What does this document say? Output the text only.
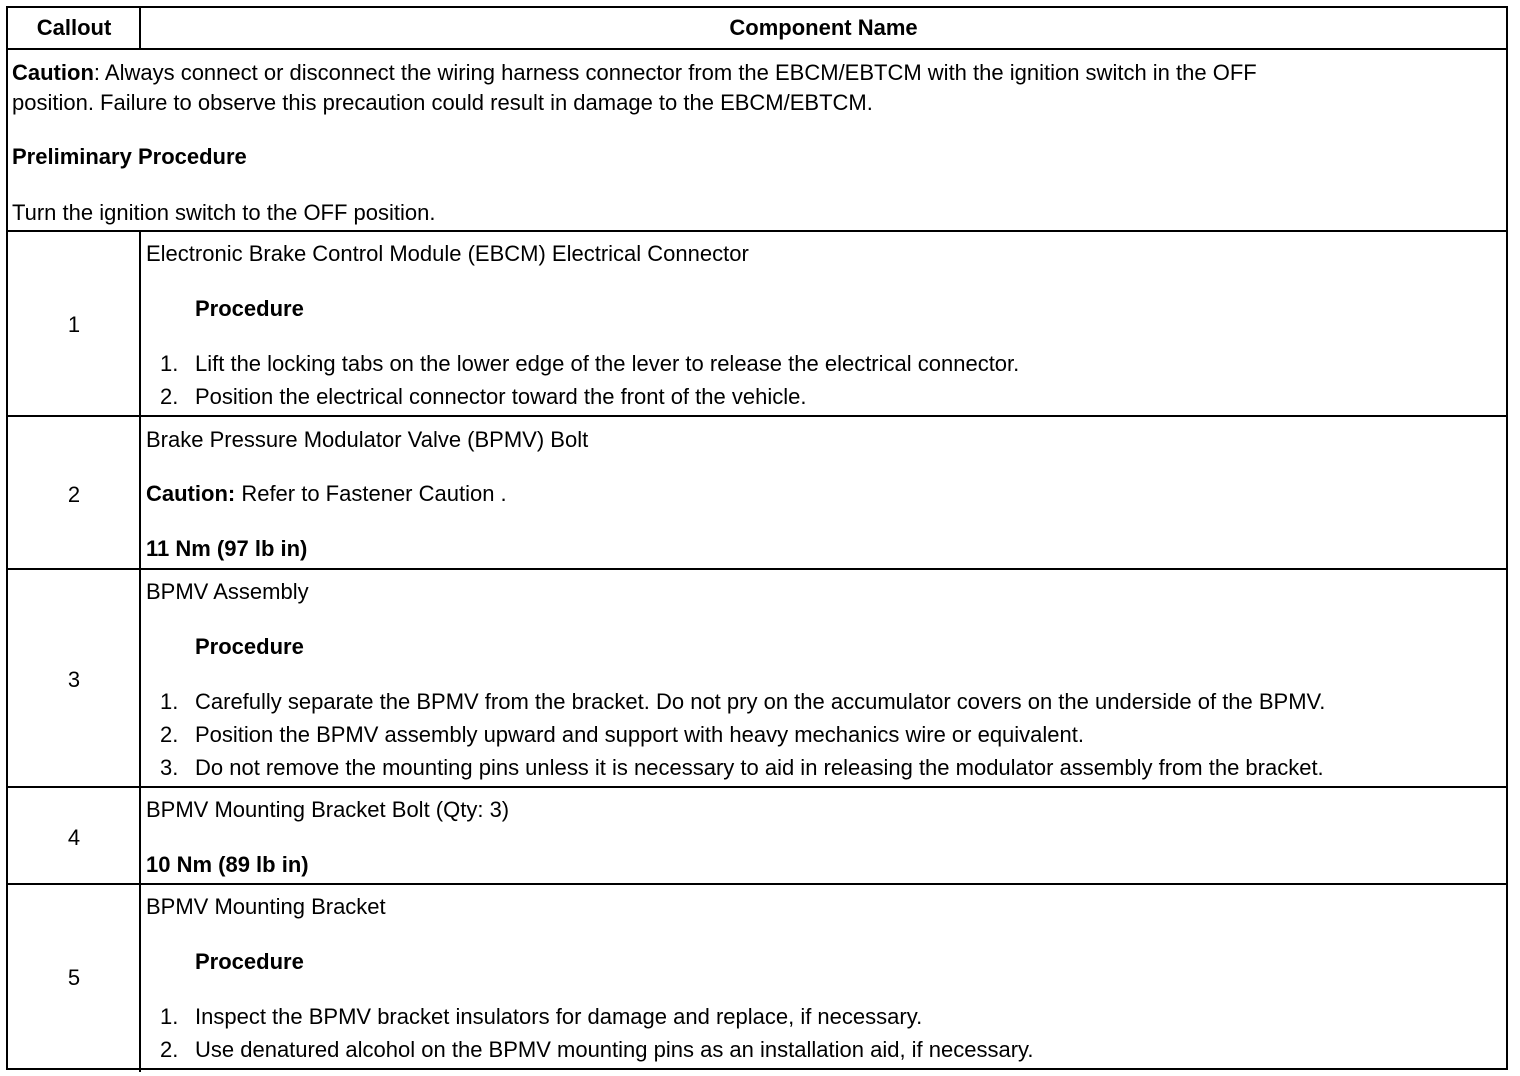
Callout	Component Name
Caution: Always connect or disconnect the wiring harness connector from the EBCM/EBTCM with the ignition switch in the OFF
position. Failure to observe this precaution could result in damage to the EBCM/EBTCM.
Preliminary Procedure
Turn the ignition switch to the OFF position.
1
Electronic Brake Control Module (EBCM) Electrical Connector
Procedure
1. Lift the locking tabs on the lower edge of the lever to release the electrical connector.
2. Position the electrical connector toward the front of the vehicle.
2
Brake Pressure Modulator Valve (BPMV) Bolt
Caution: Refer to Fastener Caution .
11 Nm (97 lb in)
3
BPMV Assembly
Procedure
1. Carefully separate the BPMV from the bracket. Do not pry on the accumulator covers on the underside of the BPMV.
2. Position the BPMV assembly upward and support with heavy mechanics wire or equivalent.
3. Do not remove the mounting pins unless it is necessary to aid in releasing the modulator assembly from the bracket.
4
BPMV Mounting Bracket Bolt (Qty: 3)
10 Nm (89 lb in)
5
BPMV Mounting Bracket
Procedure
1. Inspect the BPMV bracket insulators for damage and replace, if necessary.
2. Use denatured alcohol on the BPMV mounting pins as an installation aid, if necessary.
